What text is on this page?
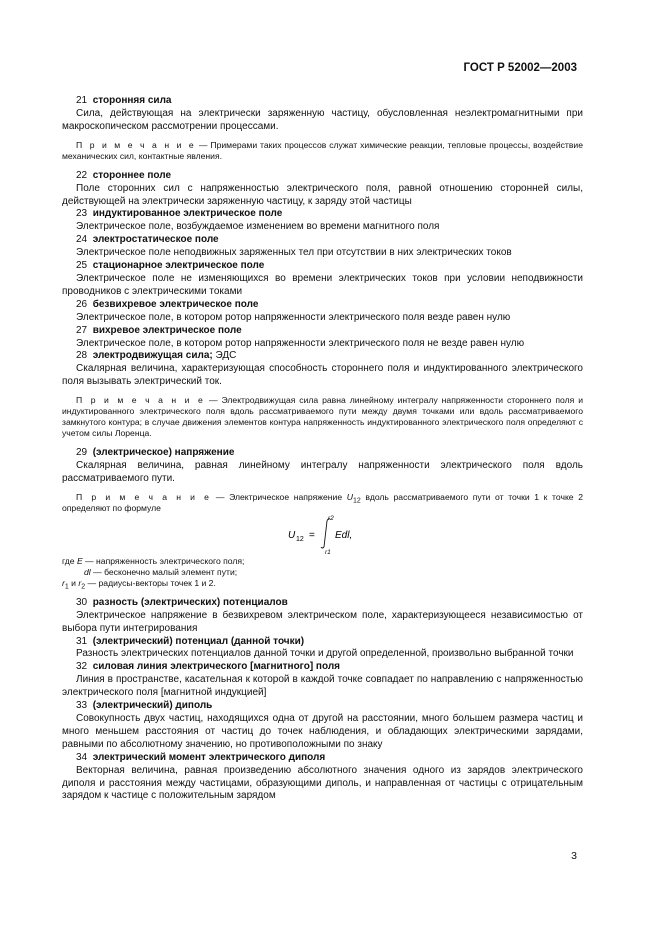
ГОСТ Р 52002—2003

21 сторонняя сила

Сила, действующая на электрически заряженную частицу, обусловленная неэлектромагнитными при макроскопическом рассмотрении процессами.

П р и м е ч а н и е — Примерами таких процессов служат химические реакции, тепловые процессы, воздействие механических сил, контактные явления.

22 стороннее поле

Поле сторонних сил с напряженностью электрического поля, равной отношению сторонней силы, действующей на электрически заряженную частицу, к заряду этой частицы

23 индуктированное электрическое поле

Электрическое поле, возбуждаемое изменением во времени магнитного поля

24 электростатическое поле

Электрическое поле неподвижных заряженных тел при отсутствии в них электрических токов

25 стационарное электрическое поле

Электрическое поле не изменяющихся во времени электрических токов при условии неподвижности проводников с электрическими токами

26 безвихревое электрическое поле

Электрическое поле, в котором ротор напряженности электрического поля везде равен нулю

27 вихревое электрическое поле

Электрическое поле, в котором ротор напряженности электрического поля не везде равен нулю

28 электродвижущая сила; ЭДС

Скалярная величина, характеризующая способность стороннего поля и индуктированного электрического поля вызывать электрический ток.

П р и м е ч а н и е — Электродвижущая сила равна линейному интегралу напряженности стороннего поля и индуктированного электрического поля вдоль рассматриваемого пути между двумя точками или вдоль рассматриваемого замкнутого контура; в случае движения элементов контура напряженность индуктированного электрического поля определяют с учетом силы Лоренца.

29 (электрическое) напряжение

Скалярная величина, равная линейному интегралу напряженности электрического поля вдоль рассматриваемого пути.

П р и м е ч а н и е — Электрическое напряжение $U_{12}$ вдоль рассматриваемого пути от точки 1 к точке 2 определяют по формуле

U 12 =
r2
r1
Edl,
где E — напряженность электрического поля;
dl — бесконечно малый элемент пути;
$r_1$ и $r_2$ — радиусы-векторы точек 1 и 2.

30 разность (электрических) потенциалов

Электрическое напряжение в безвихревом электрическом поле, характеризующееся независимостью от выбора пути интегрирования

31 (электрический) потенциал (данной точки)

Разность электрических потенциалов данной точки и другой определенной, произвольно выбранной точки

32 силовая линия электрического [магнитного] поля

Линия в пространстве, касательная к которой в каждой точке совпадает по направлению с напряженностью электрического поля [магнитной индукцией]

33 (электрический) диполь

Совокупность двух частиц, находящихся одна от другой на расстоянии, много большем размера частиц и много меньшем расстояния от частиц до точек наблюдения, и обладающих электрическими зарядами, равными по абсолютному значению, но противоположными по знаку

34 электрический момент электрического диполя

Векторная величина, равная произведению абсолютного значения одного из зарядов электрического диполя и расстояния между частицами, образующими диполь, и направленная от частицы с отрицательным зарядом к частице с положительным зарядом

3
